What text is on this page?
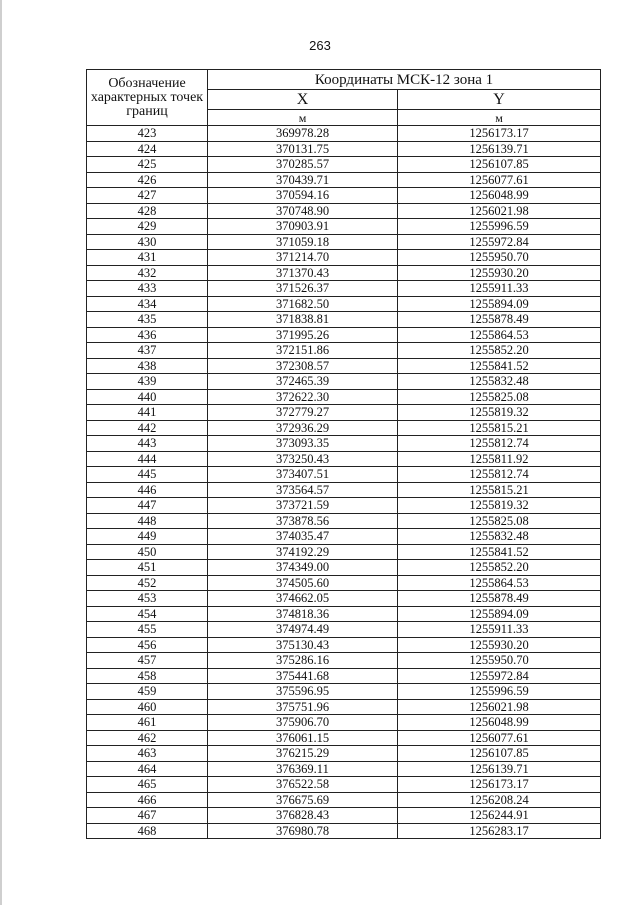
263
Обозначение характерных точек границ	Координаты МСК-12 зона 1	
	X	Y
	м	м
423	369978.28	1256173.17
424	370131.75	1256139.71
425	370285.57	1256107.85
426	370439.71	1256077.61
427	370594.16	1256048.99
428	370748.90	1256021.98
429	370903.91	1255996.59
430	371059.18	1255972.84
431	371214.70	1255950.70
432	371370.43	1255930.20
433	371526.37	1255911.33
434	371682.50	1255894.09
435	371838.81	1255878.49
436	371995.26	1255864.53
437	372151.86	1255852.20
438	372308.57	1255841.52
439	372465.39	1255832.48
440	372622.30	1255825.08
441	372779.27	1255819.32
442	372936.29	1255815.21
443	373093.35	1255812.74
444	373250.43	1255811.92
445	373407.51	1255812.74
446	373564.57	1255815.21
447	373721.59	1255819.32
448	373878.56	1255825.08
449	374035.47	1255832.48
450	374192.29	1255841.52
451	374349.00	1255852.20
452	374505.60	1255864.53
453	374662.05	1255878.49
454	374818.36	1255894.09
455	374974.49	1255911.33
456	375130.43	1255930.20
457	375286.16	1255950.70
458	375441.68	1255972.84
459	375596.95	1255996.59
460	375751.96	1256021.98
461	375906.70	1256048.99
462	376061.15	1256077.61
463	376215.29	1256107.85
464	376369.11	1256139.71
465	376522.58	1256173.17
466	376675.69	1256208.24
467	376828.43	1256244.91
468	376980.78	1256283.17
